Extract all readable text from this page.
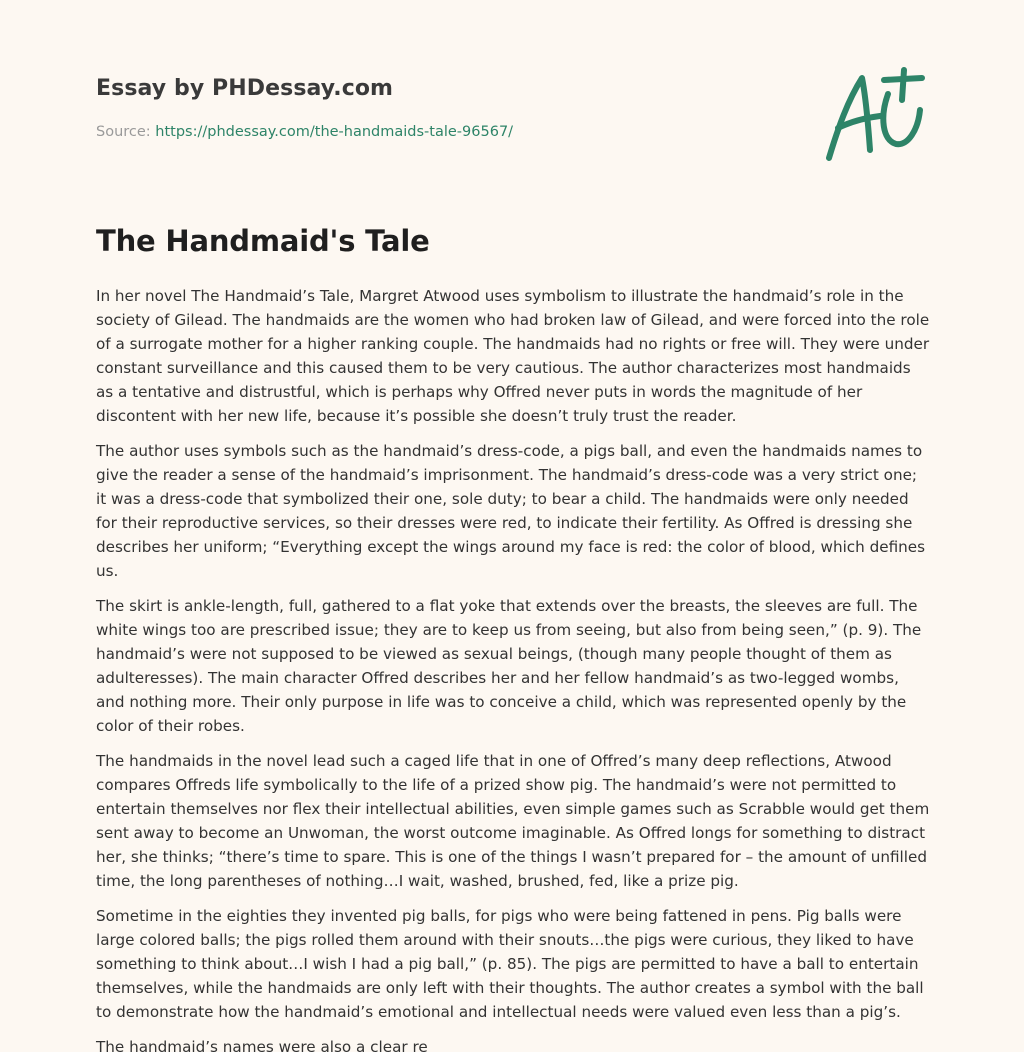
Essay by PHDessay.com

Source: https://phdessay.com/the-handmaids-tale-96567/

The Handmaid's Tale

In her novel The Handmaid’s Tale, Margret Atwood uses symbolism to illustrate the handmaid’s role in the society of Gilead. The handmaids are the women who had broken law of Gilead, and were forced into the role of a surrogate mother for a higher ranking couple. The handmaids had no rights or free will. They were under constant surveillance and this caused them to be very cautious. The author characterizes most handmaids as a tentative and distrustful, which is perhaps why Offred never puts in words the magnitude of her discontent with her new life, because it’s possible she doesn’t truly trust the reader.

The author uses symbols such as the handmaid’s dress-code, a pigs ball, and even the handmaids names to give the reader a sense of the handmaid’s imprisonment. The handmaid’s dress-code was a very strict one; it was a dress-code that symbolized their one, sole duty; to bear a child. The handmaids were only needed for their reproductive services, so their dresses were red, to indicate their fertility. As Offred is dressing she describes her uniform; “Everything except the wings around my face is red: the color of blood, which defines us.

The skirt is ankle-length, full, gathered to a flat yoke that extends over the breasts, the sleeves are full. The white wings too are prescribed issue; they are to keep us from seeing, but also from being seen,” (p. 9). The handmaid’s were not supposed to be viewed as sexual beings, (though many people thought of them as adulteresses). The main character Offred describes her and her fellow handmaid’s as two-legged wombs, and nothing more. Their only purpose in life was to conceive a child, which was represented openly by the color of their robes.

The handmaids in the novel lead such a caged life that in one of Offred’s many deep reflections, Atwood compares Offreds life symbolically to the life of a prized show pig. The handmaid’s were not permitted to entertain themselves nor flex their intellectual abilities, even simple games such as Scrabble would get them sent away to become an Unwoman, the worst outcome imaginable. As Offred longs for something to distract her, she thinks; “there’s time to spare. This is one of the things I wasn’t prepared for – the amount of unfilled time, the long parentheses of nothing…I wait, washed, brushed, fed, like a prize pig.

Sometime in the eighties they invented pig balls, for pigs who were being fattened in pens. Pig balls were large colored balls; the pigs rolled them around with their snouts…the pigs were curious, they liked to have something to think about…I wish I had a pig ball,” (p. 85). The pigs are permitted to have a ball to entertain themselves, while the handmaids are only left with their thoughts. The author creates a symbol with the ball to demonstrate how the handmaid’s emotional and intellectual needs were valued even less than a pig’s.

The handmaid’s names were also a clear re
